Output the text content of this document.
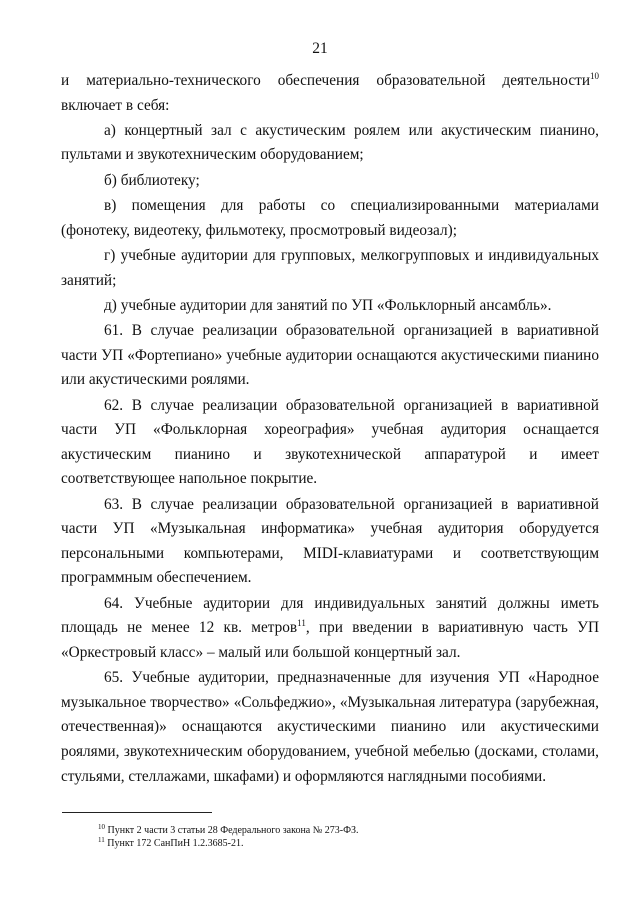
21

и материально-технического обеспечения образовательной деятельности$^{10}$ включает в себя:

а) концертный зал с акустическим роялем или акустическим пианино, пультами и звукотехническим оборудованием;

б) библиотеку;

в) помещения для работы со специализированными материалами (фонотеку, видеотеку, фильмотеку, просмотровый видеозал);

г) учебные аудитории для групповых, мелкогрупповых и индивидуальных занятий;

д) учебные аудитории для занятий по УП «Фольклорный ансамбль».

61. В случае реализации образовательной организацией в вариативной части УП «Фортепиано» учебные аудитории оснащаются акустическими пианино или акустическими роялями.

62. В случае реализации образовательной организацией в вариативной части УП «Фольклорная хореография» учебная аудитория оснащается акустическим пианино и звукотехнической аппаратурой и имеет соответствующее напольное покрытие.

63. В случае реализации образовательной организацией в вариативной части УП «Музыкальная информатика» учебная аудитория оборудуется персональными компьютерами, MIDI-клавиатурами и соответствующим программным обеспечением.

64. Учебные аудитории для индивидуальных занятий должны иметь площадь не менее 12 кв. метров$^{11}$, при введении в вариативную часть УП «Оркестровый класс» – малый или большой концертный зал.

65. Учебные аудитории, предназначенные для изучения УП «Народное музыкальное творчество» «Сольфеджио», «Музыкальная литература (зарубежная, отечественная)» оснащаются акустическими пианино или акустическими роялями, звукотехническим оборудованием, учебной мебелью (досками, столами, стульями, стеллажами, шкафами) и оформляются наглядными пособиями.

$^{10}$ Пункт 2 части 3 статьи 28 Федерального закона № 273-ФЗ.
$^{11}$ Пункт 172 СанПиН 1.2.3685-21.
